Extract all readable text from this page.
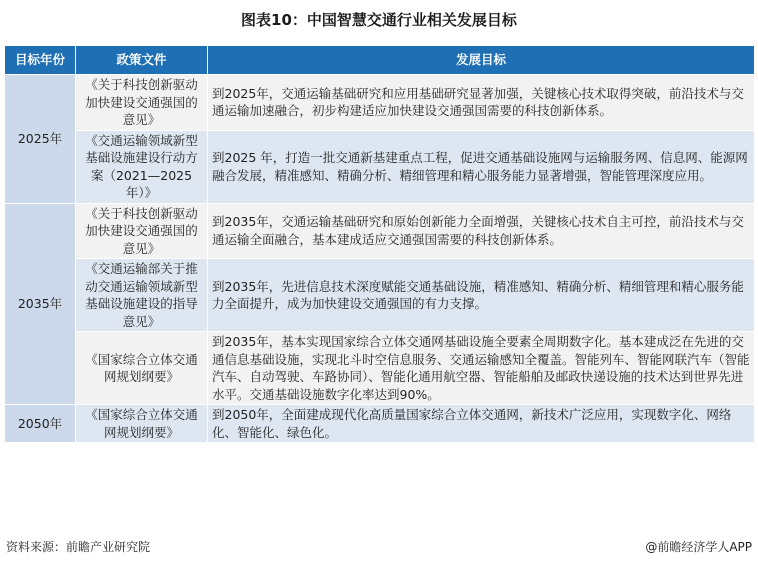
图表10：中国智慧交通行业相关发展目标
目标年份	政策文件	发展目标
2025年	《关于科技创新驱动加快建设交通强国的意见》	到2025年，交通运输基础研究和应用基础研究显著加强，关键核心技术取得突破，前沿技术与交通运输加速融合，初步构建适应加快建设交通强国需要的科技创新体系。
	《交通运输领域新型基础设施建设行动方案（2021—2025年）》	到2025 年，打造一批交通新基建重点工程，促进交通基础设施网与运输服务网、信息网、能源网融合发展，精准感知、精确分析、精细管理和精心服务能力显著增强，智能管理深度应用。
2035年	《关于科技创新驱动加快建设交通强国的意见》	到2035年，交通运输基础研究和原始创新能力全面增强，关键核心技术自主可控，前沿技术与交通运输全面融合，基本建成适应交通强国需要的科技创新体系。
	《交通运输部关于推动交通运输领域新型基础设施建设的指导意见》	到2035年，先进信息技术深度赋能交通基础设施，精准感知、精确分析、精细管理和精心服务能力全面提升，成为加快建设交通强国的有力支撑。
	《国家综合立体交通网规划纲要》	到2035年，基本实现国家综合立体交通网基础设施全要素全周期数字化。基本建成泛在先进的交通信息基础设施，实现北斗时空信息服务、交通运输感知全覆盖。智能列车、智能网联汽车（智能汽车、自动驾驶、车路协同）、智能化通用航空器、智能船舶及邮政快递设施的技术达到世界先进水平。交通基础设施数字化率达到90%。
2050年	《国家综合立体交通网规划纲要》	到2050年，全面建成现代化高质量国家综合立体交通网，新技术广泛应用，实现数字化、网络化、智能化、绿色化。
资料来源：前瞻产业研究院	@前瞻经济学人APP
